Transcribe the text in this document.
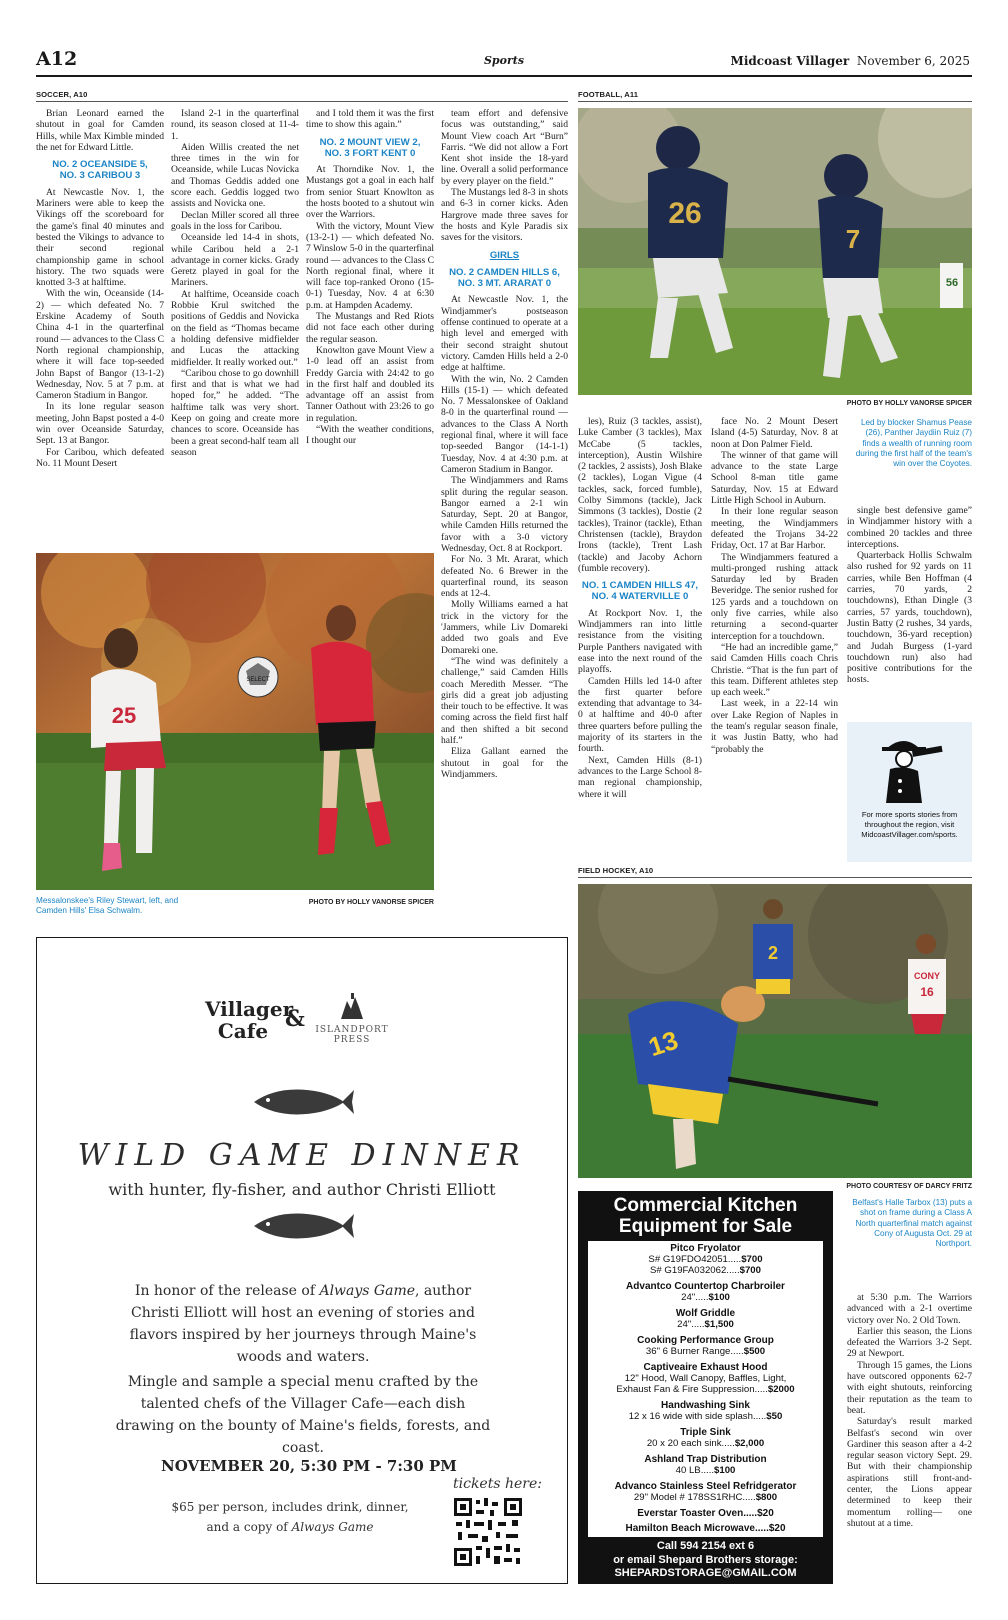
A12	Sports	Midcoast Villager November 6, 2025
SOCCER, A10

Brian Leonard earned the shutout in goal for Camden Hills, while Max Kimble minded the net for Edward Little.

NO. 2 OCEANSIDE 5,
NO. 3 CARIBOU 3

At Newcastle Nov. 1, the Mariners were able to keep the Vikings off the scoreboard for the game's final 40 minutes and bested the Vikings to advance to their second regional championship game in school history. The two squads were knotted 3-3 at halftime.

With the win, Oceanside (14-2) — which defeated No. 7 Erskine Academy of South China 4-1 in the quarterfinal round — advances to the Class C North regional championship, where it will face top-seeded John Bapst of Bangor (13-1-2) Wednesday, Nov. 5 at 7 p.m. at Cameron Stadium in Bangor.

In its lone regular season meeting, John Bapst posted a 4-0 win over Oceanside Saturday, Sept. 13 at Bangor.

For Caribou, which defeated No. 11 Mount Desert

Island 2-1 in the quarterfinal round, its season closed at 11-4-1.

Aiden Willis created the net three times in the win for Oceanside, while Lucas Novicka and Thomas Geddis added one score each. Geddis logged two assists and Novicka one.

Declan Miller scored all three goals in the loss for Caribou.

Oceanside led 14-4 in shots, while Caribou held a 2-1 advantage in corner kicks. Grady Geretz played in goal for the Mariners.

At halftime, Oceanside coach Robbie Krul switched the positions of Geddis and Novicka on the field as “Thomas became a holding defensive midfielder and Lucas the attacking midfielder. It really worked out.”

“Caribou chose to go downhill first and that is what we had hoped for,” he added. “The halftime talk was very short. Keep on going and create more chances to score. Oceanside has been a great second-half team all season

and I told them it was the first time to show this again.”

NO. 2 MOUNT VIEW 2,
NO. 3 FORT KENT 0

At Thorndike Nov. 1, the Mustangs got a goal in each half from senior Stuart Knowlton as the hosts booted to a shutout win over the Warriors.

With the victory, Mount View (13-2-1) — which defeated No. 7 Winslow 5-0 in the quarterfinal round — advances to the Class C North regional final, where it will face top-ranked Orono (15-0-1) Tuesday, Nov. 4 at 6:30 p.m. at Hampden Academy.

The Mustangs and Red Riots did not face each other during the regular season.

Knowlton gave Mount View a 1-0 lead off an assist from Freddy Garcia with 24:42 to go in the first half and doubled its advantage off an assist from Tanner Oathout with 23:26 to go in regulation.

“With the weather conditions, I thought our

team effort and defensive focus was outstanding,” said Mount View coach Art “Burn” Farris. “We did not allow a Fort Kent shot inside the 18-yard line. Overall a solid performance by every player on the field.”

The Mustangs led 8-3 in shots and 6-3 in corner kicks. Aden Hargrove made three saves for the hosts and Kyle Paradis six saves for the visitors.

GIRLS
NO. 2 CAMDEN HILLS 6,
NO. 3 MT. ARARAT 0

At Newcastle Nov. 1, the Windjammer's postseason offense continued to operate at a high level and emerged with their second straight shutout victory. Camden Hills held a 2-0 edge at halftime.

With the win, No. 2 Camden Hills (15-1) — which defeated No. 7 Messalonskee of Oakland 8-0 in the quarterfinal round — advances to the Class A North regional final, where it will face top-seeded Bangor (14-1-1) Tuesday, Nov. 4 at 4:30 p.m. at Cameron Stadium in Bangor.

The Windjammers and Rams split during the regular season. Bangor earned a 2-1 win Saturday, Sept. 20 at Bangor, while Camden Hills returned the favor with a 3-0 victory Wednesday, Oct. 8 at Rockport.

For No. 3 Mt. Ararat, which defeated No. 6 Brewer in the quarterfinal round, its season ends at 12-4.

Molly Williams earned a hat trick in the victory for the 'Jammers, while Liv Domareki added two goals and Eve Domareki one.

“The wind was definitely a challenge,” said Camden Hills coach Meredith Messer. “The girls did a great job adjusting their touch to be effective. It was coming across the field first half and then shifted a bit second half.”

Eliza Gallant earned the shutout in goal for the Windjammers.

25
SELECT
Messalonskee's Riley Stewart, left, and Camden Hills' Elsa Schwalm.
PHOTO BY HOLLY VANORSE SPICER
FOOTBALL, A11
26
7
56
PHOTO BY HOLLY VANORSE SPICER
Led by blocker Shamus Pease (26), Panther Jaydiin Ruiz (7) finds a wealth of running room during the first half of the team's win over the Coyotes.

les), Ruiz (3 tackles, assist), Luke Camber (3 tackles), Max McCabe (5 tackles, interception), Austin Wilshire (2 tackles, 2 assists), Josh Blake (2 tackles), Logan Vigue (4 tackles, sack, forced fumble), Colby Simmons (tackle), Jack Simmons (3 tackles), Dostie (2 tackles), Trainor (tackle), Ethan Christensen (tackle), Braydon Irons (tackle), Trent Lash (tackle) and Jacoby Achorn (fumble recovery).

NO. 1 CAMDEN HILLS 47,
NO. 4 WATERVILLE 0

At Rockport Nov. 1, the Windjammers ran into little resistance from the visiting Purple Panthers navigated with ease into the next round of the playoffs.

Camden Hills led 14-0 after the first quarter before extending that advantage to 34-0 at halftime and 40-0 after three quarters before pulling the majority of its starters in the fourth.

Next, Camden Hills (8-1) advances to the Large School 8-man regional championship, where it will

face No. 2 Mount Desert Island (4-5) Saturday, Nov. 8 at noon at Don Palmer Field.

The winner of that game will advance to the state Large School 8-man title game Saturday, Nov. 15 at Edward Little High School in Auburn.

In their lone regular season meeting, the Windjammers defeated the Trojans 34-22 Friday, Oct. 17 at Bar Harbor.

The Windjammers featured a multi-pronged rushing attack Saturday led by Braden Beveridge. The senior rushed for 125 yards and a touchdown on only five carries, while also returning a second-quarter interception for a touchdown.

“He had an incredible game,” said Camden Hills coach Chris Christie. “That is the fun part of this team. Different athletes step up each week.”

Last week, in a 22-14 win over Lake Region of Naples in the team's regular season finale, it was Justin Batty, who had “probably the

single best defensive game” in Windjammer history with a combined 20 tackles and three interceptions.

Quarterback Hollis Schwalm also rushed for 92 yards on 11 carries, while Ben Hoffman (4 carries, 70 yards, 2 touchdowns), Ethan Dingle (3 carries, 57 yards, touchdown), Justin Batty (2 rushes, 34 yards, touchdown, 36-yard reception) and Judah Burgess (1-yard touchdown run) also had positive contributions for the hosts.

For more sports stories from throughout the region, visit MidcoastVillager.com/sports.
FIELD HOCKEY, A10
13
2
CONY
16
PHOTO COURTESY OF DARCY FRITZ
Belfast's Halle Tarbox (13) puts a shot on frame during a Class A North quarterfinal match against Cony of Augusta Oct. 29 at Northport.

at 5:30 p.m. The Warriors advanced with a 2-1 overtime victory over No. 2 Old Town.

Earlier this season, the Lions defeated the Warriors 3-2 Sept. 29 at Newport.

Through 15 games, the Lions have outscored opponents 62-7 with eight shutouts, reinforcing their reputation as the team to beat.

Saturday's result marked Belfast's second win over Gardiner this season after a 4-2 regular season victory Sept. 29. But with their championship aspirations still front-and-center, the Lions appear determined to keep their momentum rolling— one shutout at a time.

Villager
Cafe &	ISLANDPORT
PRESS
WILD GAME DINNER
with hunter, fly-fisher, and author Christi Elliott
In honor of the release of Always Game, author Christi Elliott will host an evening of stories and flavors inspired by her journeys through Maine's woods and waters.
Mingle and sample a special menu crafted by the talented chefs of the Villager Cafe—each dish drawing on the bounty of Maine's fields, forests, and coast.
NOVEMBER 20, 5:30 PM - 7:30 PM
$65 per person, includes drink, dinner,
and a copy of Always Game
tickets here:
Commercial Kitchen
Equipment for Sale
Pitco Fryolator
S# G19FDO42051.....$700
S# G19FA032062.....$700
Advantco Countertop Charbroiler
24".....$100
Wolf Griddle
24".....$1,500
Cooking Performance Group
36" 6 Burner Range.....$500
Captiveaire Exhaust Hood
12" Hood, Wall Canopy, Baffles, Light,
Exhaust Fan & Fire Suppression.....$2000
Handwashing Sink
12 x 16 wide with side splash.....$50
Triple Sink
20 x 20 each sink.....$2,000
Ashland Trap Distribution
40 LB.....$100
Advanco Stainless Steel Refridgerator
29" Model # 178SS1RHC.....$800
Everstar Toaster Oven.....$20
Hamilton Beach Microwave.....$20
Call 594 2154 ext 6
or email Shepard Brothers storage:
SHEPARDSTORAGE@GMAIL.COM
